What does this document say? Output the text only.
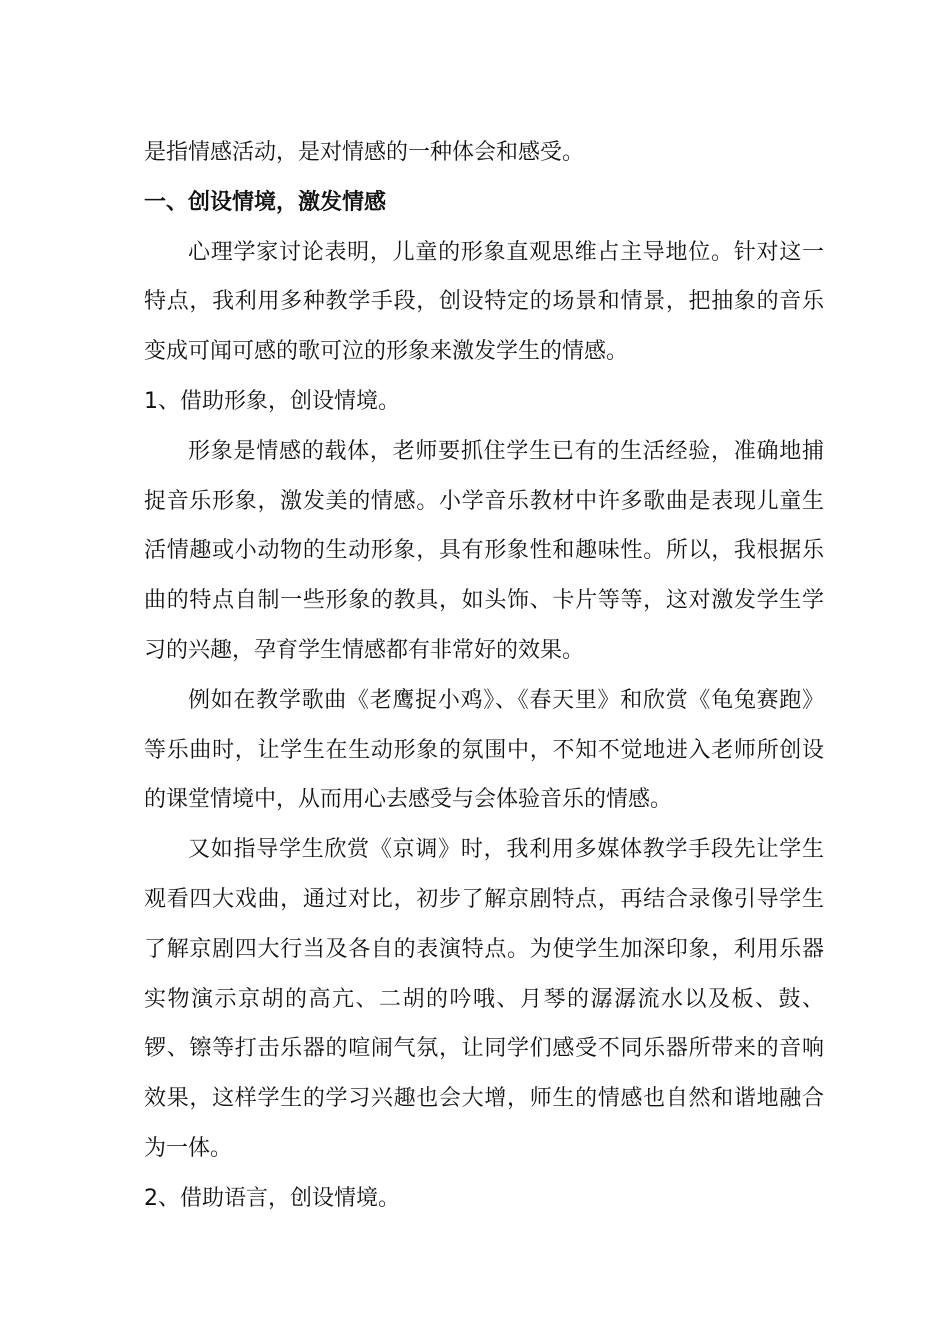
是指情感活动，是对情感的一种体会和感受。

一、创设情境，激发情感

心理学家讨论表明，儿童的形象直观思维占主导地位。针对这一特点，我利用多种教学手段，创设特定的场景和情景，把抽象的音乐变成可闻可感的歌可泣的形象来激发学生的情感。

1、借助形象，创设情境。

形象是情感的载体，老师要抓住学生已有的生活经验，准确地捕捉音乐形象，激发美的情感。小学音乐教材中许多歌曲是表现儿童生活情趣或小动物的生动形象，具有形象性和趣味性。所以，我根据乐曲的特点自制一些形象的教具，如头饰、卡片等等，这对激发学生学习的兴趣，孕育学生情感都有非常好的效果。

例如在教学歌曲《老鹰捉小鸡》、《春天里》和欣赏《龟兔赛跑》等乐曲时，让学生在生动形象的氛围中，不知不觉地进入老师所创设的课堂情境中，从而用心去感受与会体验音乐的情感。

又如指导学生欣赏《京调》时，我利用多媒体教学手段先让学生观看四大戏曲，通过对比，初步了解京剧特点，再结合录像引导学生了解京剧四大行当及各自的表演特点。为使学生加深印象，利用乐器实物演示京胡的高亢、二胡的吟哦、月琴的潺潺流水以及板、鼓、锣、镲等打击乐器的喧闹气氛，让同学们感受不同乐器所带来的音响效果，这样学生的学习兴趣也会大增，师生的情感也自然和谐地融合为一体。

2、借助语言，创设情境。
